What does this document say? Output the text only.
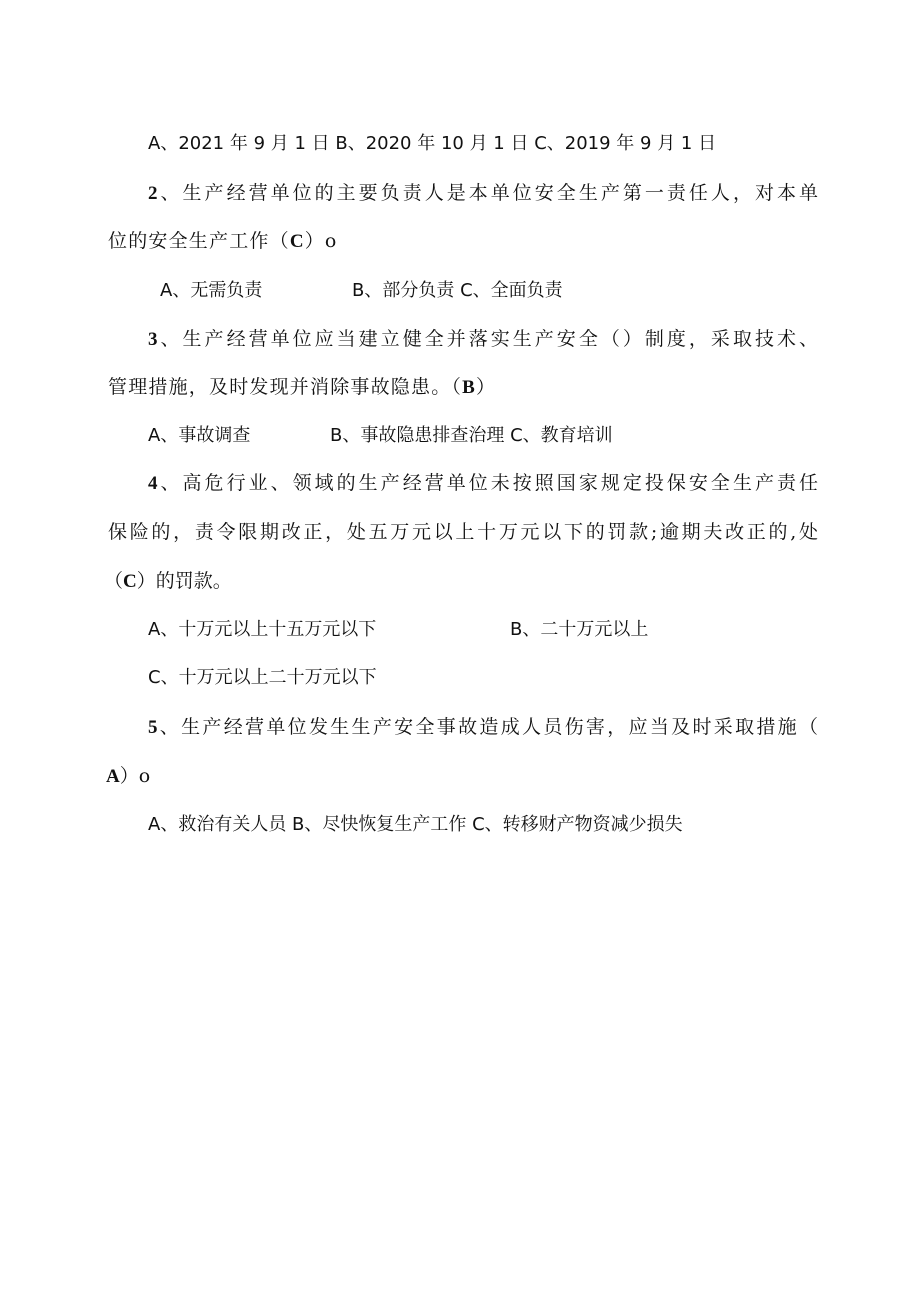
A、2021 年 9 月 1 日 B、2020 年 10 月 1 日 C、2019 年 9 月 1 日
2、生产经营单位的主要负责人是本单位安全生产第一责任人，对本单
位的安全生产工作（C）o
A、无需负责	B、部分负责 C、全面负责
3、生产经营单位应当建立健全并落实生产安全（）制度，采取技术、
管理措施，及时发现并消除事故隐患。（B）
A、事故调查	B、事故隐患排查治理 C、教育培训
4、高危行业、领域的生产经营单位未按照国家规定投保安全生产责任
保险的，责令限期改正，处五万元以上十万元以下的罚款;逾期夫改正的,处
（C）的罚款。
A、十万元以上十五万元以下	B、二十万元以上
C、十万元以上二十万元以下
5、生产经营单位发生生产安全事故造成人员伤害，应当及时采取措施（
A）o
A、救治有关人员 B、尽快恢复生产工作 C、转移财产物资减少损失
